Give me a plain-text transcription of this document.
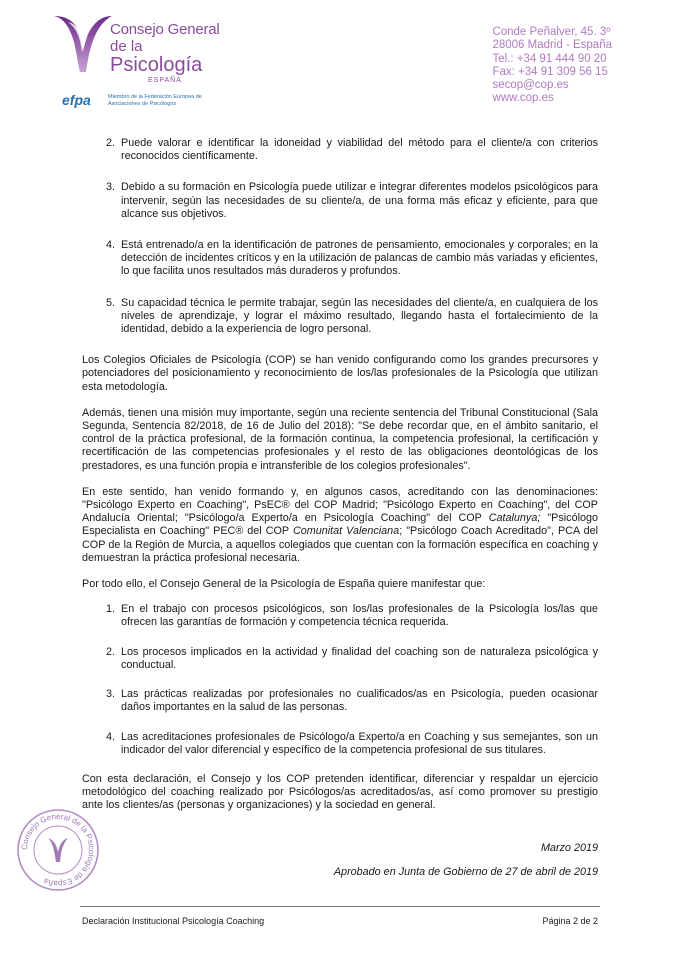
Consejo General
de la Psicología
ESPAÑA
efpa	Miembro de la Federación Europea de Asociaciones de Psicólogos
Conde Peñalver, 45. 3º
28006 Madrid - España
Tel.: +34 91 444 90 20
Fax: +34 91 309 56 15
secop@cop.es
www.cop.es
2. Puede valorar e identificar la idoneidad y viabilidad del método para el cliente/a con criterios reconocidos científicamente.
3. Debido a su formación en Psicología puede utilizar e integrar diferentes modelos psicológicos para intervenir, según las necesidades de su cliente/a, de una forma más eficaz y eficiente, para que alcance sus objetivos.
4. Está entrenado/a en la identificación de patrones de pensamiento, emocionales y corporales; en la detección de incidentes críticos y en la utilización de palancas de cambio más variadas y eficientes, lo que facilita unos resultados más duraderos y profundos.
5. Su capacidad técnica le permite trabajar, según las necesidades del cliente/a, en cualquiera de los niveles de aprendizaje, y lograr el máximo resultado, llegando hasta el fortalecimiento de la identidad, debido a la experiencia de logro personal.

Los Colegios Oficiales de Psicología (COP) se han venido configurando como los grandes precursores y potenciadores del posicionamiento y reconocimiento de los/las profesionales de la Psicología que utilizan esta metodología.

Además, tienen una misión muy importante, según una reciente sentencia del Tribunal Constitucional (Sala Segunda, Sentencia 82/2018, de 16 de Julio del 2018): "Se debe recordar que, en el ámbito sanitario, el control de la práctica profesional, de la formación continua, la competencia profesional, la certificación y recertificación de las competencias profesionales y el resto de las obligaciones deontológicas de los prestadores, es una función propia e intransferible de los colegios profesionales".

En este sentido, han venido formando y, en algunos casos, acreditando con las denominaciones: "Psicólogo Experto en Coaching", PsEC® del COP Madrid; "Psicólogo Experto en Coaching", del COP Andalucía Oriental; "Psicólogo/a Experto/a en Psicología Coaching" del COP Catalunya; "Psicólogo Especialista en Coaching" PEC® del COP Comunitat Valenciana; "Psicólogo Coach Acreditado", PCA del COP de la Región de Murcia, a aquellos colegiados que cuentan con la formación específica en coaching y demuestran la práctica profesional necesaria.

Por todo ello, el Consejo General de la Psicología de España quiere manifestar que:

1. En el trabajo con procesos psicológicos, son los/las profesionales de la Psicología los/las que ofrecen las garantías de formación y competencia técnica requerida.
2. Los procesos implicados en la actividad y finalidad del coaching son de naturaleza psicológica y conductual.
3. Las prácticas realizadas por profesionales no cualificados/as en Psicología, pueden ocasionar daños importantes en la salud de las personas.
4. Las acreditaciones profesionales de Psicólogo/a Experto/a en Coaching y sus semejantes, son un indicador del valor diferencial y específico de la competencia profesional de sus titulares.

Con esta declaración, el Consejo y los COP pretenden identificar, diferenciar y respaldar un ejercicio metodológico del coaching realizado por Psicólogos/as acreditados/as, así como promover su prestigio ante los clientes/as (personas y organizaciones) y la sociedad en general.

Marzo 2019
Aprobado en Junta de Gobierno de 27 de abril de 2019
Consejo General de la Psicología de España
Declaración Institucional Psicología Coaching	Página 2 de 2
